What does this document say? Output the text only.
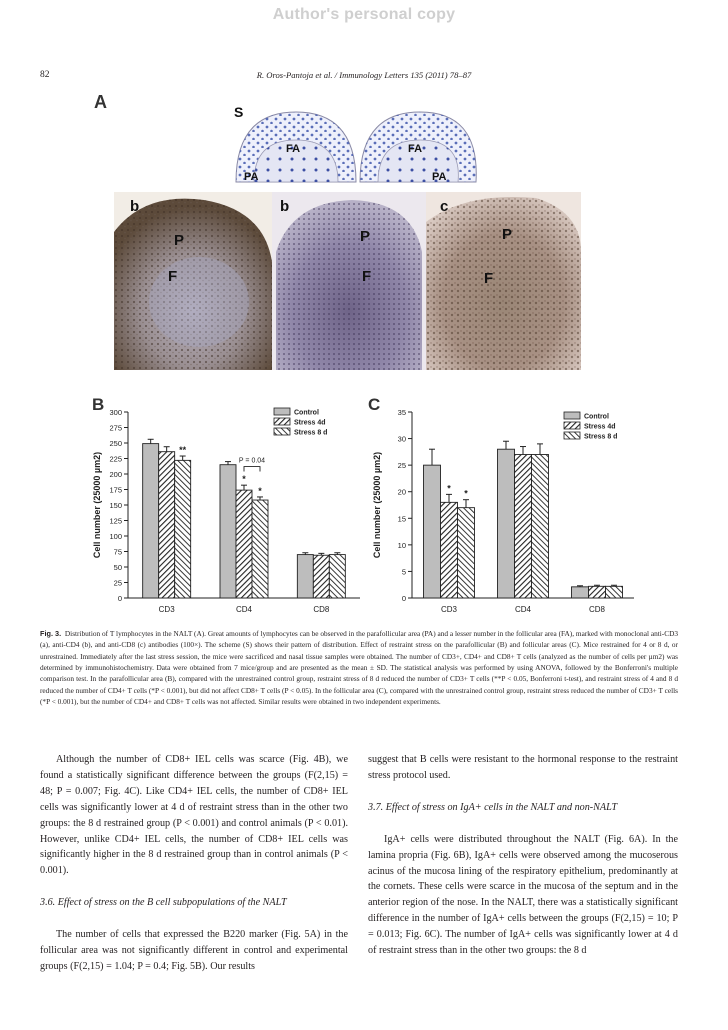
Author's personal copy
82	R. Oros-Pantoja et al. / Immunology Letters 135 (2011) 78–87
A	S
FA	FA
PA	PA
b	b	c
P	P	P
F	F	F
B
0
25
50
75
100
125
150
175
200
225
250
275
300
Cell number (25000 µm2)
CD3	CD4	CD8
**
*
*
P = 0.04
Control
Stress 4d
Stress 8 d
C
0
5
10
15
20
25
30
35
Cell number (25000 µm2)
CD3	CD4	CD8
*
*
Control
Stress 4d
Stress 8 d
Fig. 3. Distribution of T lymphocytes in the NALT (A). Great amounts of lymphocytes can be observed in the parafollicular area (PA) and a lesser number in the follicular area (FA), marked with monoclonal anti-CD3 (a), anti-CD4 (b), and anti-CD8 (c) antibodies (100×). The scheme (S) shows their pattern of distribution. Effect of restraint stress on the parafollicular (B) and follicular areas (C). Mice restrained for 4 or 8 d, or unrestrained. Immediately after the last stress session, the mice were sacrificed and nasal tissue samples were obtained. The number of CD3+, CD4+ and CD8+ T cells (analyzed as the number of cells per µm2) was determined by immunohistochemistry. Data were obtained from 7 mice/group and are presented as the mean ± SD. The statistical analysis was performed by using ANOVA, followed by the Bonferroni's multiple comparison test. In the parafollicular area (B), compared with the unrestrained control group, restraint stress of 8 d reduced the number of CD3+ T cells (**P < 0.05, Bonferroni t-test), and restraint stress of 4 and 8 d reduced the number of CD4+ T cells (*P < 0.001), but did not affect CD8+ T cells (P < 0.05). In the follicular area (C), compared with the unrestrained control group, restraint stress reduced the number of CD3+ T cells (*P < 0.001), but the number of CD4+ and CD8+ T cells was not affected. Similar results were obtained in two independent experiments.

Although the number of CD8+ IEL cells was scarce (Fig. 4B), we found a statistically significant difference between the groups (F(2,15) = 48; P = 0.007; Fig. 4C). Like CD4+ IEL cells, the number of CD8+ IEL cells was significantly lower at 4 d of restraint stress than in the other two groups: the 8 d restrained group (P < 0.001) and control animals (P < 0.01). However, unlike CD4+ IEL cells, the number of CD8+ IEL cells was significantly higher in the 8 d restrained group than in control animals (P < 0.001).

3.6. Effect of stress on the B cell subpopulations of the NALT

The number of cells that expressed the B220 marker (Fig. 5A) in the follicular area was not significantly different in control and experimental groups (F(2,15) = 1.04; P = 0.4; Fig. 5B). Our results

suggest that B cells were resistant to the hormonal response to the restraint stress protocol used.

3.7. Effect of stress on IgA+ cells in the NALT and non-NALT

IgA+ cells were distributed throughout the NALT (Fig. 6A). In the lamina propria (Fig. 6B), IgA+ cells were observed among the mucoserous acinus of the mucosa lining of the respiratory epithelium, predominantly at the cornets. These cells were scarce in the mucosa of the septum and in the anterior region of the nose. In the NALT, there was a statistically significant difference in the number of IgA+ cells between the groups (F(2,15) = 10; P = 0.013; Fig. 6C). The number of IgA+ cells was significantly lower at 4 d of restraint stress than in the other two groups: the 8 d
